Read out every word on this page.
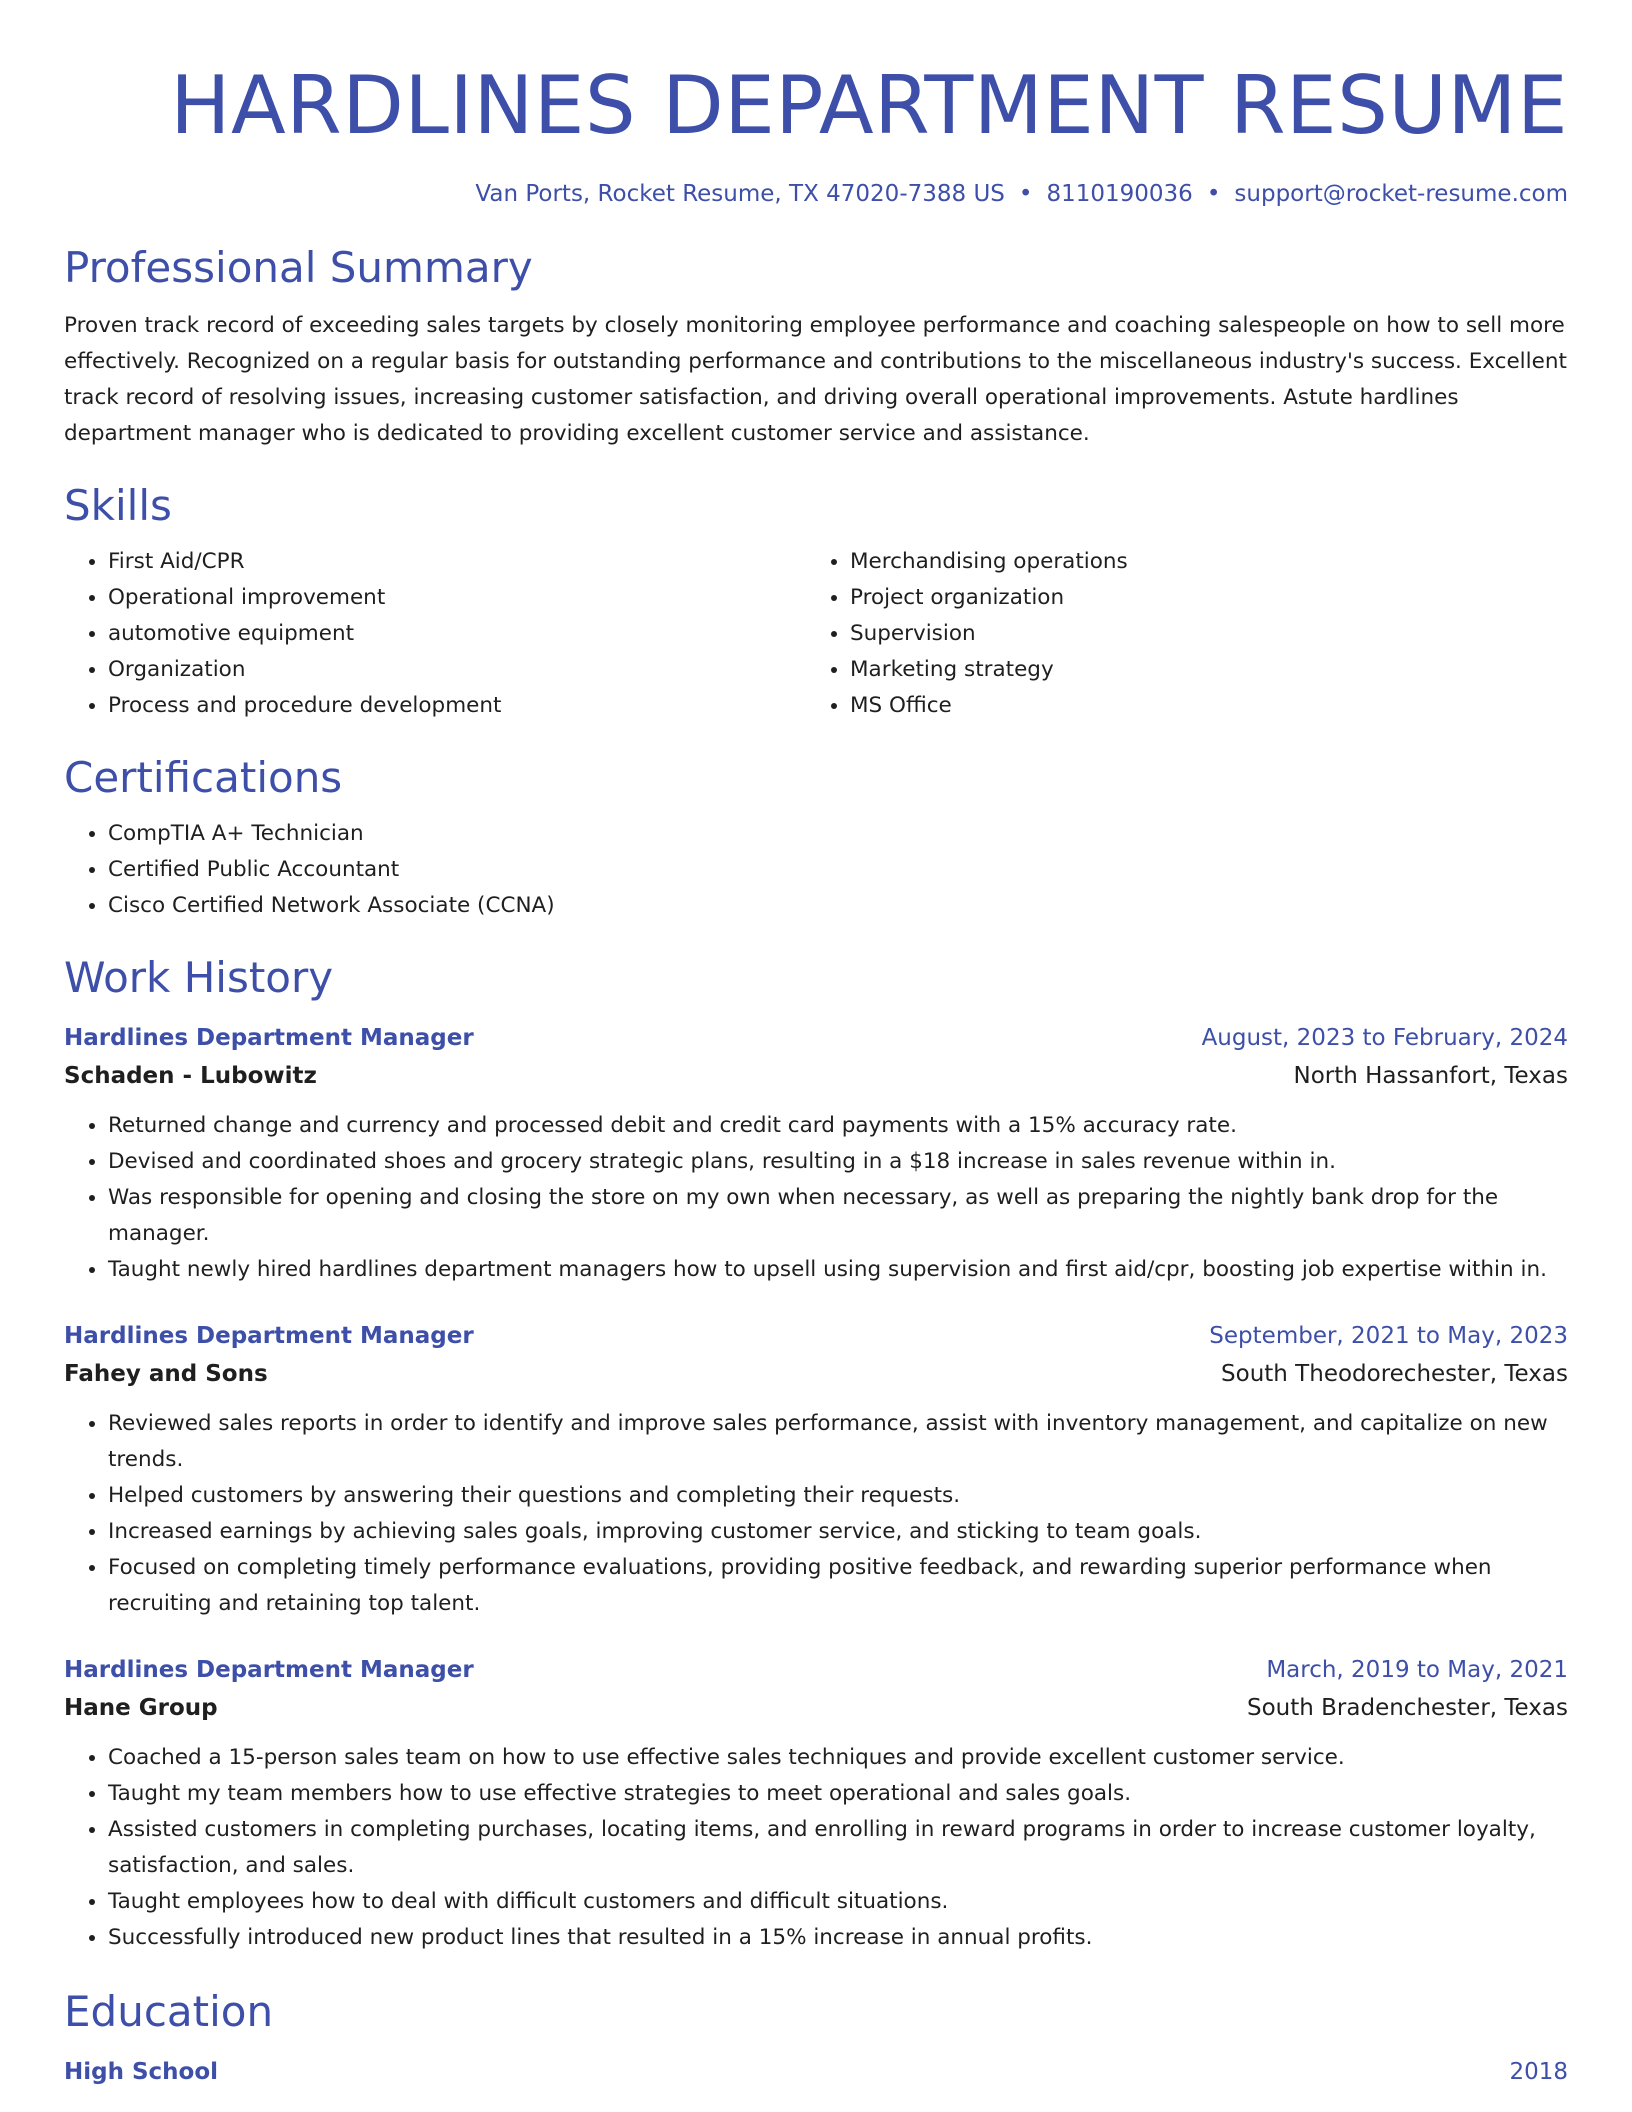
HARDLINES DEPARTMENT RESUME
Van Ports, Rocket Resume, TX 47020-7388 US • 8110190036 • support@rocket-resume.com
Professional Summary

Proven track record of exceeding sales targets by closely monitoring employee performance and coaching salespeople on how to sell more effectively. Recognized on a regular basis for outstanding performance and contributions to the miscellaneous industry's success. Excellent track record of resolving issues, increasing customer satisfaction, and driving overall operational improvements. Astute hardlines department manager who is dedicated to providing excellent customer service and assistance.

Skills
• First Aid/CPR
• Operational improvement
• automotive equipment
• Organization
• Process and procedure development
• Merchandising operations
• Project organization
• Supervision
• Marketing strategy
• MS Office
Certifications
• CompTIA A+ Technician
• Certified Public Accountant
• Cisco Certified Network Associate (CCNA)
Work History
Hardlines Department Manager	August, 2023 to February, 2024
Schaden - Lubowitz	North Hassanfort, Texas
• Returned change and currency and processed debit and credit card payments with a 15% accuracy rate.
• Devised and coordinated shoes and grocery strategic plans, resulting in a $18 increase in sales revenue within in.
• Was responsible for opening and closing the store on my own when necessary, as well as preparing the nightly bank drop for the manager.
• Taught newly hired hardlines department managers how to upsell using supervision and first aid/cpr, boosting job expertise within in.
Hardlines Department Manager	September, 2021 to May, 2023
Fahey and Sons	South Theodorechester, Texas
• Reviewed sales reports in order to identify and improve sales performance, assist with inventory management, and capitalize on new trends.
• Helped customers by answering their questions and completing their requests.
• Increased earnings by achieving sales goals, improving customer service, and sticking to team goals.
• Focused on completing timely performance evaluations, providing positive feedback, and rewarding superior performance when recruiting and retaining top talent.
Hardlines Department Manager	March, 2019 to May, 2021
Hane Group	South Bradenchester, Texas
• Coached a 15-person sales team on how to use effective sales techniques and provide excellent customer service.
• Taught my team members how to use effective strategies to meet operational and sales goals.
• Assisted customers in completing purchases, locating items, and enrolling in reward programs in order to increase customer loyalty, satisfaction, and sales.
• Taught employees how to deal with difficult customers and difficult situations.
• Successfully introduced new product lines that resulted in a 15% increase in annual profits.
Education
High School	2018
